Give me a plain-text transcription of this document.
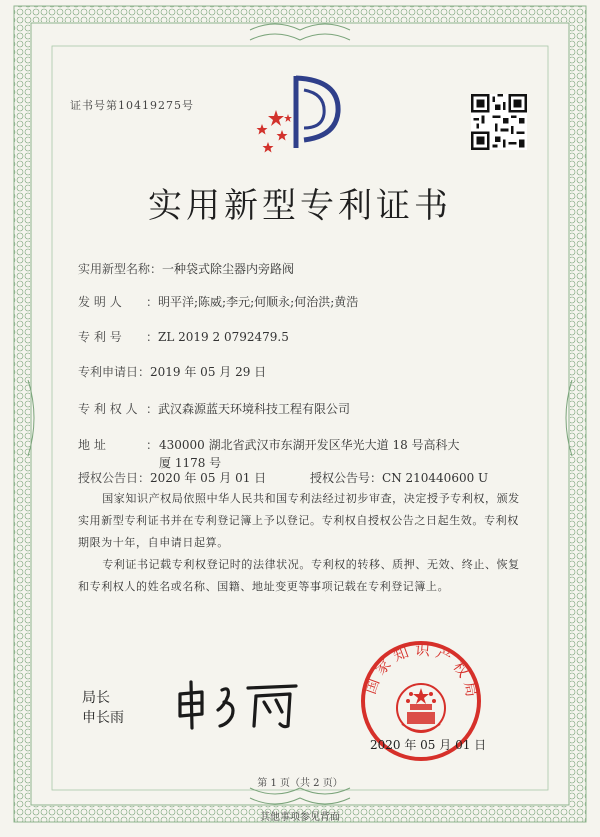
证书号第10419275号
实用新型专利证书
实用新型名称：一种袋式除尘器内旁路阀
发 明 人 ：明平洋;陈威;李元;何顺永;何治洪;黄浩
专 利 号 ：ZL 2019 2 0792479.5
专利申请日：2019 年 05 月 29 日
专 利 权 人 ：武汉森源蓝天环境科技工程有限公司
地 址	： 430000 湖北省武汉市东湖开发区华光大道 18 号高科大厦 1178 号
授权公告日：2020 年 05 月 01 日	授权公告号：CN 210440600 U
国家知识产权局依照中华人民共和国专利法经过初步审查，决定授予专利权，颁发实用新型专利证书并在专利登记簿上予以登记。专利权自授权公告之日起生效。专利权期限为十年，自申请日起算。
专利证书记载专利权登记时的法律状况。专利权的转移、质押、无效、终止、恢复和专利权人的姓名或名称、国籍、地址变更等事项记载在专利登记簿上。
局长
申长雨
国家知识产权局
2020 年 05 月 01 日
第 1 页（共 2 页）
其他事项参见背面
